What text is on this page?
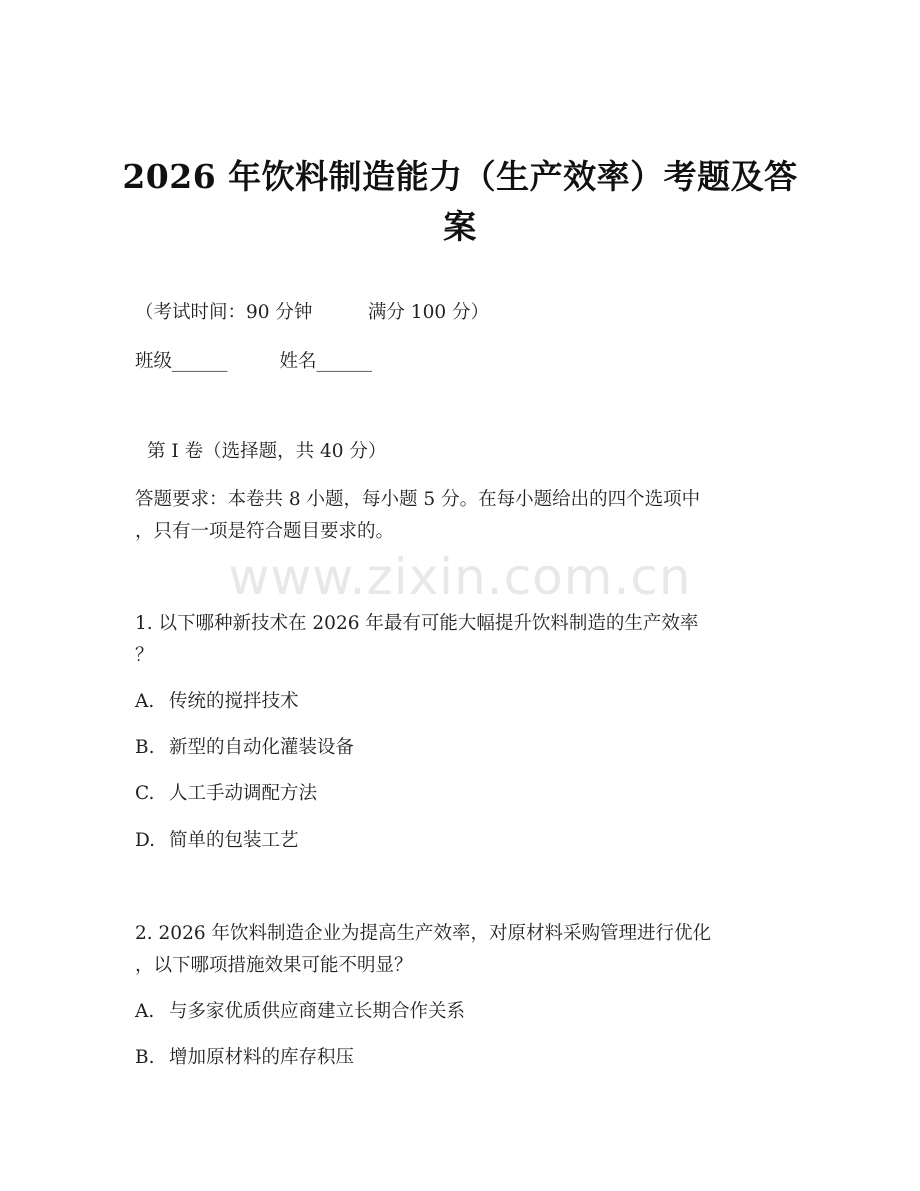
2026 年饮料制造能力（生产效率）考题及答
案
（考试时间：90 分钟　　　满分 100 分）
班级______	姓名______
第 Ⅰ 卷（选择题，共 40 分）
答题要求：本卷共 8 小题，每小题 5 分。在每小题给出的四个选项中
，只有一项是符合题目要求的。
www.zixin.com.cn
1. 以下哪种新技术在 2026 年最有可能大幅提升饮料制造的生产效率
？
A. 传统的搅拌技术
B. 新型的自动化灌装设备
C. 人工手动调配方法
D. 简单的包装工艺
2. 2026 年饮料制造企业为提高生产效率，对原材料采购管理进行优化
，以下哪项措施效果可能不明显？
A. 与多家优质供应商建立长期合作关系
B. 增加原材料的库存积压
